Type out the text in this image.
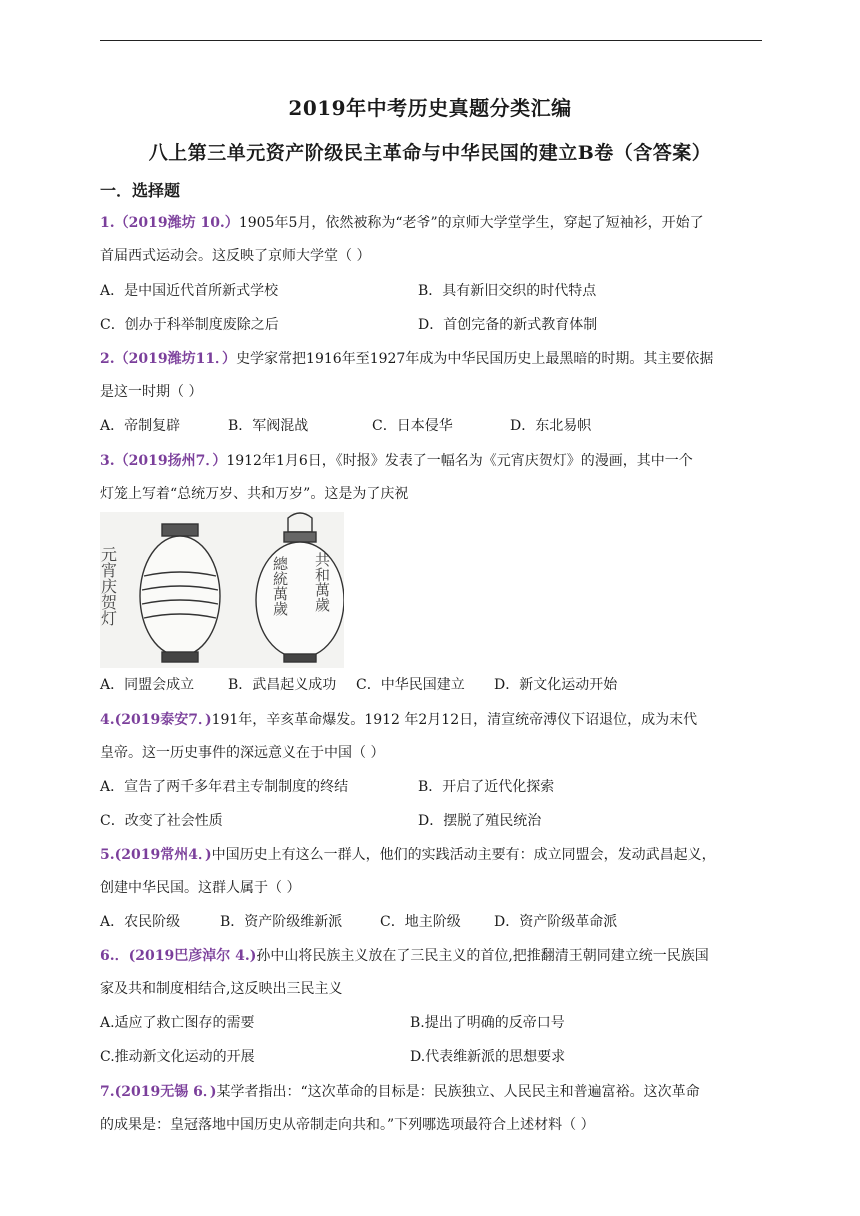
2019年中考历史真题分类汇编
八上第三单元资产阶级民主革命与中华民国的建立B卷（含答案）
一．选择题
1.（2019潍坊 10.）1905年5月，依然被称为“老爷”的京师大学堂学生，穿起了短袖衫，开始了
首届西式运动会。这反映了京师大学堂（ ）
A．是中国近代首所新式学校	B．具有新旧交织的时代特点
C．创办于科举制度废除之后	D．首创完备的新式教育体制
2.（2019潍坊11．）史学家常把1916年至1927年成为中华民国历史上最黑暗的时期。其主要依据
是这一时期（ ）
A．帝制复辟	B．军阀混战	C．日本侵华	D．东北易帜
3.（2019扬州7．）1912年1月6日，《时报》发表了一幅名为《元宵庆贺灯》的漫画，其中一个
灯笼上写着“总统万岁、共和万岁”。这是为了庆祝
元宵庆贺灯	共和萬歲
總統萬歲
A．同盟会成立 B．武昌起义成功 C．中华民国建立 D．新文化运动开始
4.(2019泰安7．)191年，辛亥革命爆发。1912 年2月12日，清宣统帝溥仪下诏退位，成为末代
皇帝。这一历史事件的深远意义在于中国（ ）
A．宣告了两千多年君主专制制度的终结	B．开启了近代化探索
C．改变了社会性质	D．摆脱了殖民统治
5.(2019常州4．)中国历史上有这么一群人，他们的实践活动主要有：成立同盟会，发动武昌起义，
创建中华民国。这群人属于（ ）
A．农民阶级	B．资产阶级维新派	C．地主阶级 D．资产阶级革命派
6.．(2019巴彦淖尔 4.)孙中山将民族主义放在了三民主义的首位,把推翻清王朝同建立统一民族国
家及共和制度相结合,这反映出三民主义
A.适应了救亡图存的需要	B.提出了明确的反帝口号
C.推动新文化运动的开展	D.代表维新派的思想要求
7.(2019无锡 6．)某学者指出：“这次革命的目标是：民族独立、人民民主和普遍富裕。这次革命
的成果是：皇冠落地中国历史从帝制走向共和。”下列哪选项最符合上述材料（ ）
